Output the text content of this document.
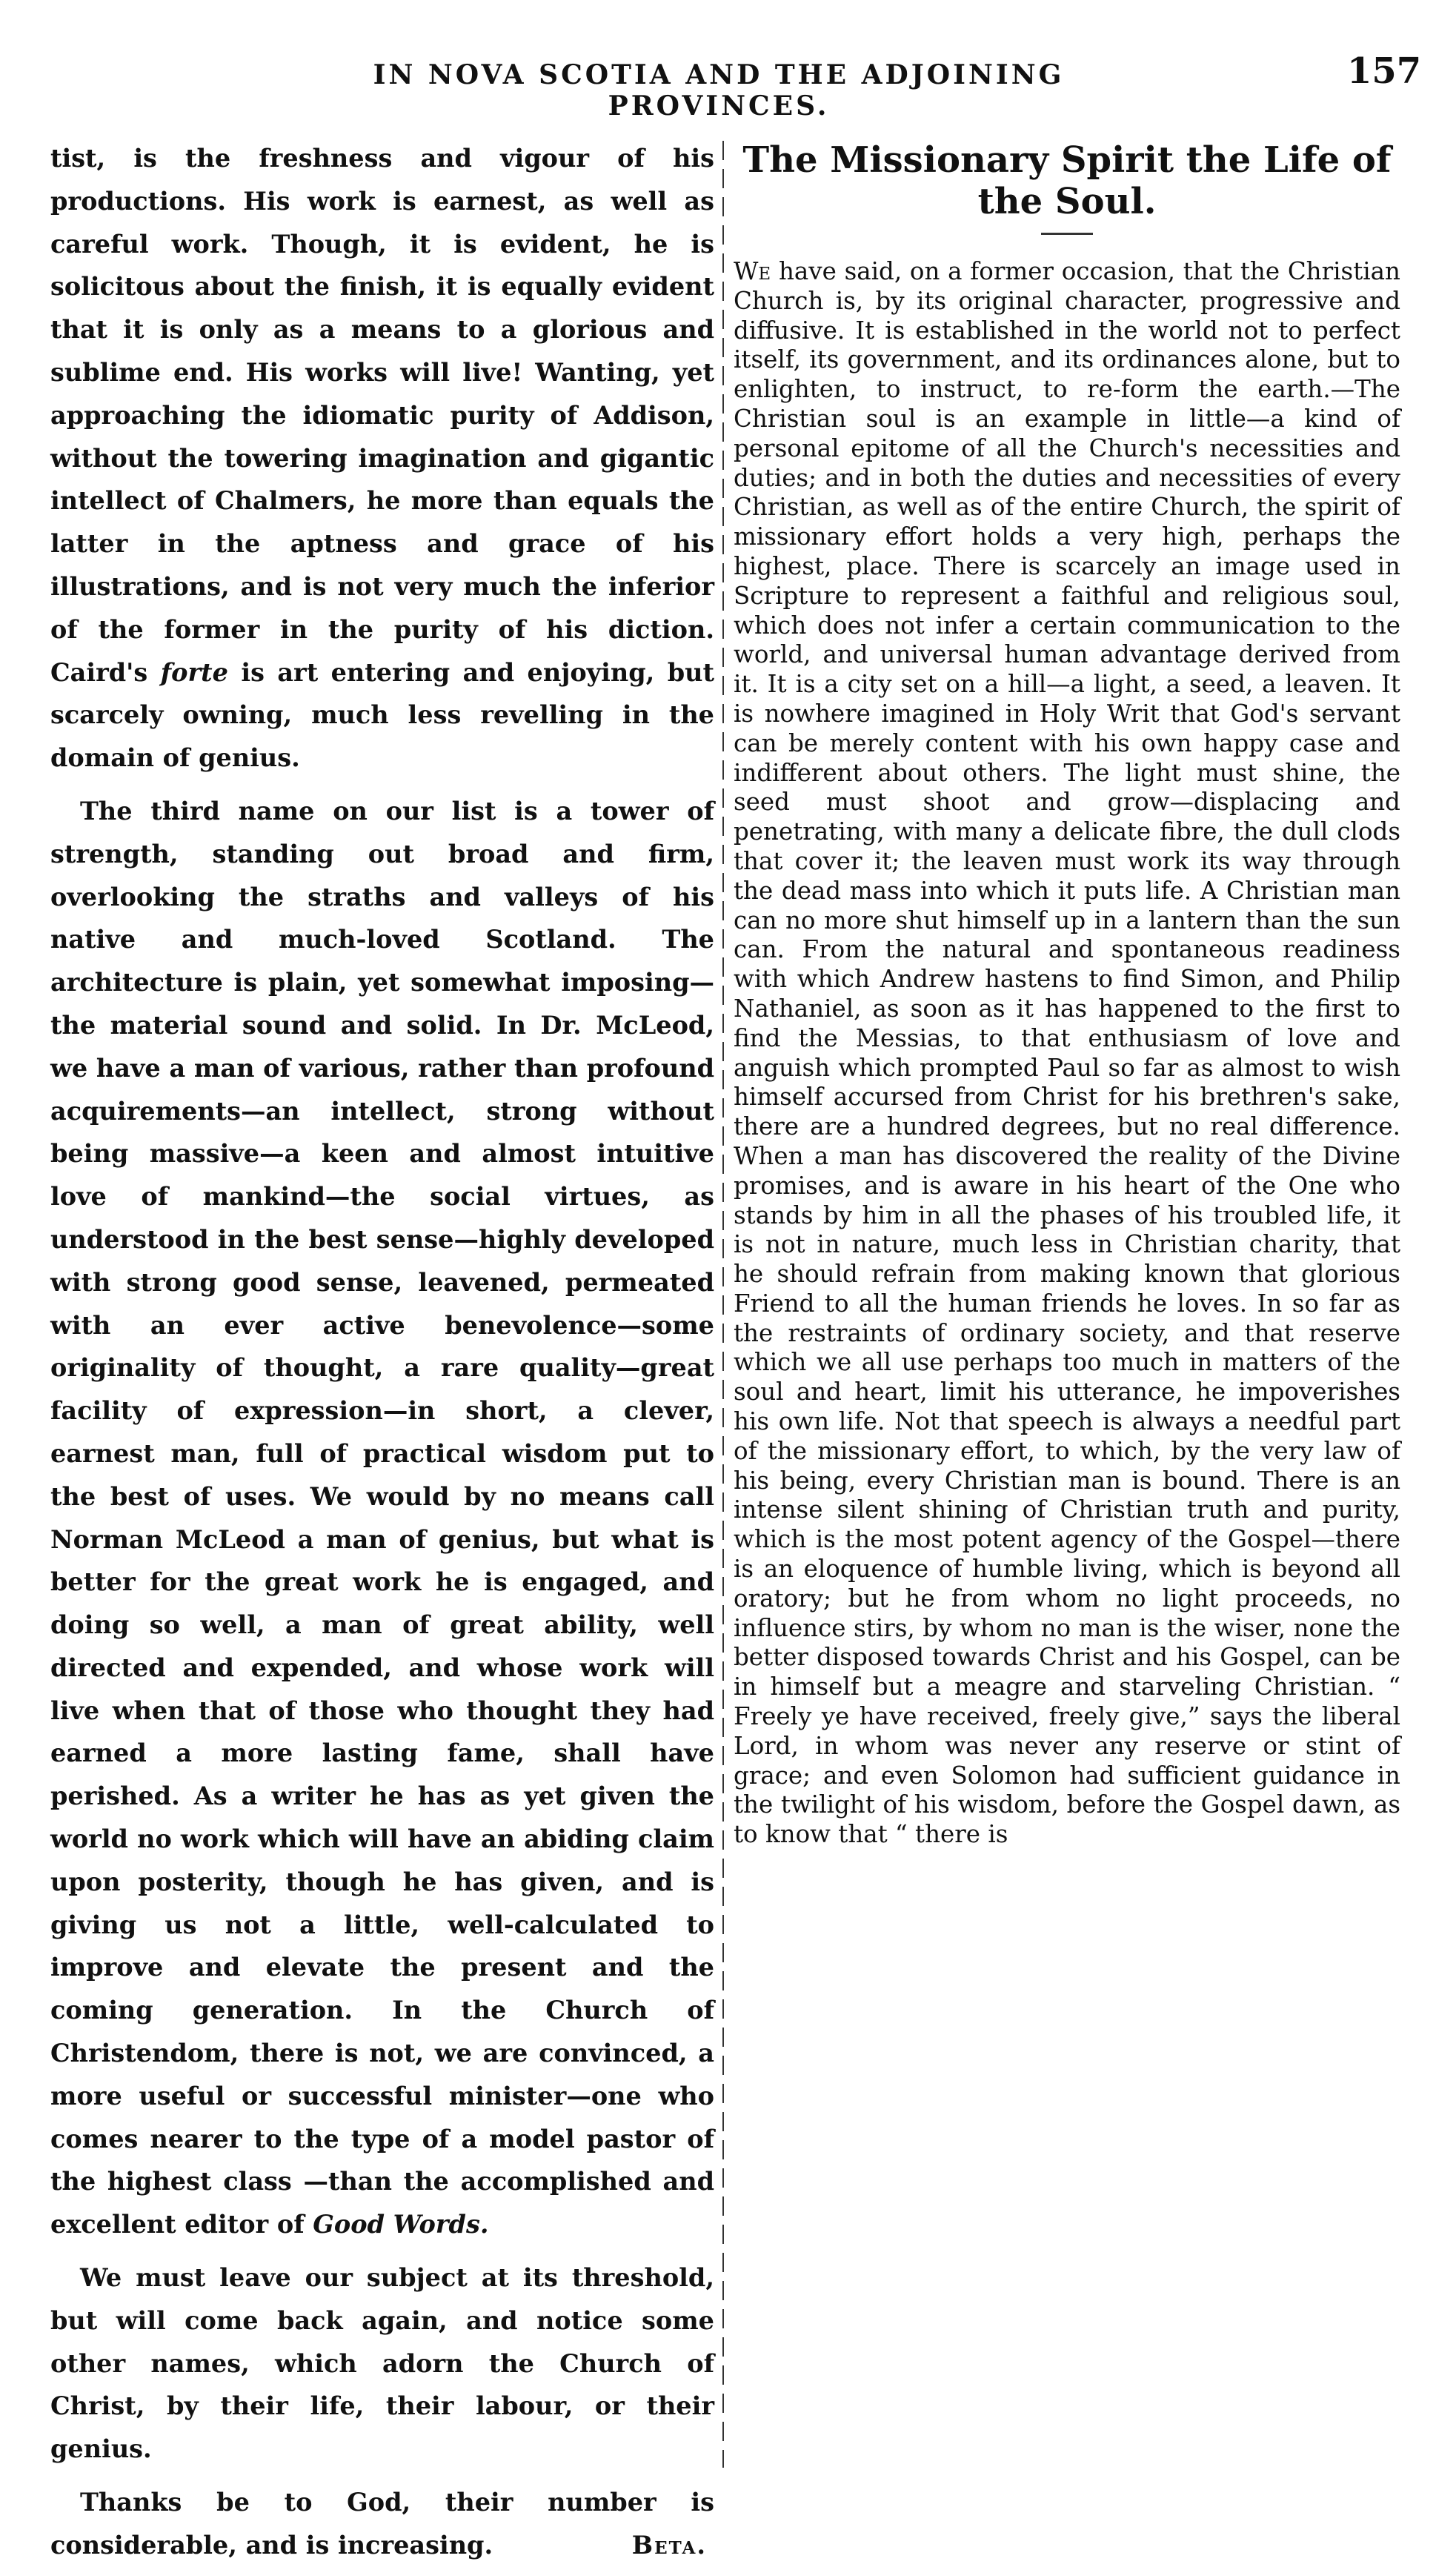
IN NOVA SCOTIA AND THE ADJOINING PROVINCES.
157

tist, is the freshness and vigour of his productions. His work is earnest, as well as careful work. Though, it is evident, he is solicitous about the finish, it is equally evident that it is only as a means to a glorious and sublime end. His works will live! Wanting, yet approaching the idiomatic purity of Addison, without the towering imagination and gigantic intellect of Chalmers, he more than equals the latter in the aptness and grace of his illustrations, and is not very much the inferior of the former in the purity of his diction. Caird's forte is art entering and enjoying, but scarcely owning, much less revelling in the domain of genius.

The third name on our list is a tower of strength, standing out broad and firm, overlooking the straths and valleys of his native and much-loved Scotland. The architecture is plain, yet somewhat imposing—the material sound and solid. In Dr. McLeod, we have a man of various, rather than profound acquirements—an intellect, strong without being massive—a keen and almost intuitive love of mankind—the social virtues, as understood in the best sense—highly developed with strong good sense, leavened, permeated with an ever active benevolence—some originality of thought, a rare quality—great facility of expression—in short, a clever, earnest man, full of practical wisdom put to the best of uses. We would by no means call Norman McLeod a man of genius, but what is better for the great work he is engaged, and doing so well, a man of great ability, well directed and expended, and whose work will live when that of those who thought they had earned a more lasting fame, shall have perished. As a writer he has as yet given the world no work which will have an abiding claim upon posterity, though he has given, and is giving us not a little, well-calculated to improve and elevate the present and the coming generation. In the Church of Christendom, there is not, we are convinced, a more useful or successful minister—one who comes nearer to the type of a model pastor of the highest class —than the accomplished and excellent editor of Good Words.

We must leave our subject at its threshold, but will come back again, and notice some other names, which adorn the Church of Christ, by their life, their labour, or their genius.

Thanks be to God, their number is considerable, and is increasing.	Beta.

The Missionary Spirit the Life of the Soul.

We have said, on a former occasion, that the Christian Church is, by its original character, progressive and diffusive. It is established in the world not to perfect itself, its government, and its ordinances alone, but to enlighten, to instruct, to re-form the earth.—The Christian soul is an example in little—a kind of personal epitome of all the Church's necessities and duties; and in both the duties and necessities of every Christian, as well as of the entire Church, the spirit of missionary effort holds a very high, perhaps the highest, place. There is scarcely an image used in Scripture to represent a faithful and religious soul, which does not infer a certain communication to the world, and universal human advantage derived from it. It is a city set on a hill—a light, a seed, a leaven. It is nowhere imagined in Holy Writ that God's servant can be merely content with his own happy case and indifferent about others. The light must shine, the seed must shoot and grow—displacing and penetrating, with many a delicate fibre, the dull clods that cover it; the leaven must work its way through the dead mass into which it puts life. A Christian man can no more shut himself up in a lantern than the sun can. From the natural and spontaneous readiness with which Andrew hastens to find Simon, and Philip Nathaniel, as soon as it has happened to the first to find the Messias, to that enthusiasm of love and anguish which prompted Paul so far as almost to wish himself accursed from Christ for his brethren's sake, there are a hundred degrees, but no real difference. When a man has discovered the reality of the Divine promises, and is aware in his heart of the One who stands by him in all the phases of his troubled life, it is not in nature, much less in Christian charity, that he should refrain from making known that glorious Friend to all the human friends he loves. In so far as the restraints of ordinary society, and that reserve which we all use perhaps too much in matters of the soul and heart, limit his utterance, he impoverishes his own life. Not that speech is always a needful part of the missionary effort, to which, by the very law of his being, every Christian man is bound. There is an intense silent shining of Christian truth and purity, which is the most potent agency of the Gospel—there is an eloquence of humble living, which is beyond all oratory; but he from whom no light proceeds, no influence stirs, by whom no man is the wiser, none the better disposed towards Christ and his Gospel, can be in himself but a meagre and starveling Christian. “ Freely ye have received, freely give,” says the liberal Lord, in whom was never any reserve or stint of grace; and even Solomon had sufficient guidance in the twilight of his wisdom, before the Gospel dawn, as to know that “ there is
